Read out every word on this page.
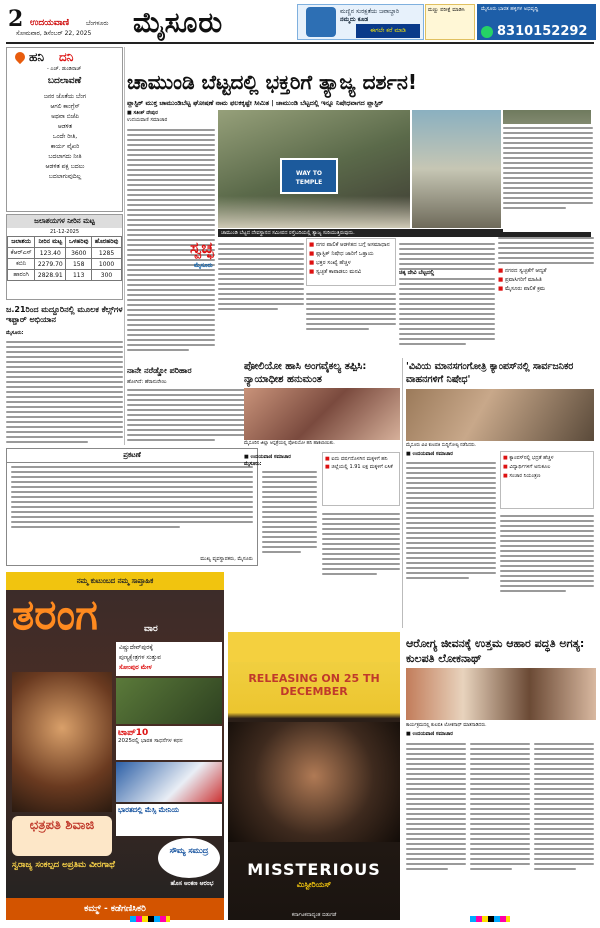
2 ಉದಯವಾಣಿ	ಬೆಂಗಳೂರು
ಸೋಮವಾರ, ಡಿಸೆಂಬರ್ 22, 2025 ಮೈಸೂರು	ಮಣ್ಣಿನ ಸುರಕ್ಷತೆಯ ಜವಾಬ್ದಾರಿ
ನಮ್ಮದು ಕೂಡ
ಈಗಲೇ ಕರೆ ಮಾಡಿ
ಮಣ್ಣು ಪರೀಕ್ಷೆ ಮಾಡಿಸಿ	ಮೈಸೂರು ಭಾರತ ಹಳ್ಳಿಗಳ ಅಭಿವೃದ್ಧಿ
8310152292
ಹನಿ ದನಿ
- ಎಚ್. ಡುಂಡಿರಾಜ್
ಬದಲಾವಣೆ
ಜನರ ಜೊತೆಯ ಬೆಂಗ
ಆಗಲಿ ಕಾಂಗ್ರೆಸ್
ಅಥವಾ ಬಿಜೆಪಿ
ಆಡಳಿತ
ಒಂದೇ ರೀತಿ,
ಕಾರ್ಯ ವೈಖರಿ
ಬದಲಾಗದು ನೀತಿ
ಆಡಳಿತ ಪಕ್ಷ ಬದಲು
ಬದಲಾಗುವುದಿಲ್ಲ
ಜಲಾಶಯಗಳ ನೀರಿನ ಮಟ್ಟ
21-12-2025
ಜಲಾಶಯ	ನೀರಿನ ಮಟ್ಟ	ಒಳಹರಿವು	ಹೊರಹರಿವು
ಕೆಆರ್‌ಎಸ್	123.40	3600	1285
ಕಬಿನಿ	2279.70	158	1000
ಹಾರಂಗಿ	2828.91	113	300
ಜ.21ರಿಂದ ಮದ್ದೂರಿನಲ್ಲಿ ಮೂಲಕ ಕೆಲ್ಸ್‌ಗಳ ಇಫ್ತಾರ್ ಅಭಿಯಾನ
ಮೈಸೂರು:
ಪ್ರಕಟಣೆ
ಮುಖ್ಯ ವ್ಯವಸ್ಥಾಪಕರು, ಮೈಸೂರು
ಚಾಮುಂಡಿ ಬೆಟ್ಟದಲ್ಲಿ ಭಕ್ತರಿಗೆ ತ್ಯಾಜ್ಯ ದರ್ಶನ!
ಪ್ಲಾಸ್ಟಿಕ್ ಮುಕ್ತ ಚಾಮುಂಡಿಬೆಟ್ಟ ಘೋಷಣೆ ನಾಮ ಫಲಕಕ್ಕಷ್ಟೇ ಸೀಮಿತ | ಚಾಮುಂಡಿ ಬೆಟ್ಟದಲ್ಲಿ ಇನ್ನೂ ನಿಷೇಧವಾಗದ ಪ್ಲಾಸ್ಟಿಕ್
■ ಸತೀಶ್ ದೇಪುರ
ಉದಯವಾಣಿ ಸಮಾಚಾರ
WAY TO TEMPLE
ಚಾಮುಂಡಿ ಬೆಟ್ಟದ ದೇವಸ್ಥಾನದ ಸಮೀಪದ ರಸ್ತೆಬದಿಯಲ್ಲಿ ತ್ಯಾಜ್ಯ ಸುರಿಯುತ್ತಿರುವುದು.
ಸ್ವಚ್ಛ
ಮೈಸೂರು
■ ನಗರ ಪಾಲಿಕೆ ಆಡಳಿತದ ಬಗ್ಗೆ ಅಸಮಾಧಾನ
■ ಪ್ಲಾಸ್ಟಿಕ್ ನಿಷೇಧ ಜಾರಿಗೆ ಒತ್ತಾಯ
■ ಭಕ್ತರ ಸಂಖ್ಯೆ ಹೆಚ್ಚಳ
■ ಸ್ವಚ್ಛತೆ ಕಾಪಾಡಲು ಮನವಿ	ಚಿಕ್ಕ ದೇವಿ ಬೆಟ್ಟದಲ್ಲಿ	■ ನಗರದ ಸ್ವಚ್ಛತೆಗೆ ಆದ್ಯತೆ
■ ಪ್ರವಾಸಿಗರಿಗೆ ಮಾಹಿತಿ
■ ಮೈಸೂರು ಪಾಲಿಕೆ ಕ್ರಮ
ನಾನೇ ನರೆಡ್ಡೋ ಪರಿಹಾರ
ಹೋಗಿದೆ: ಹೆರಾನುರೇಣು
ಪೋಲಿಯೋ ಹಾಸಿ ಅಂಗವೈಕಲ್ಯ ತಪ್ಪಿಸಿ: ನ್ಯಾಯಾಧೀಶ ಹನುಮಂತ
ಮೈಸೂರಿನ ಜಿಲ್ಲಾ ಆಸ್ಪತ್ರೆಯಲ್ಲಿ ಪೋಲಿಯೋ ಹನಿ ಹಾಕಲಾಯಿತು.
■ ಉದಯವಾಣಿ ಸಮಾಚಾರ
ಮೈಸೂರು:
■ ಐದು ವರ್ಷದೊಳಗಿನ ಮಕ್ಕಳಿಗೆ ಹನಿ
■ ಜಿಲ್ಲೆಯಲ್ಲಿ 1.91 ಲಕ್ಷ ಮಕ್ಕಳಿಗೆ ಲಸಿಕೆ
'ವಿವಿಯ ಮಾನಸಗಂಗೋತ್ರಿ ಕ್ಯಾಂಪಸ್‌ನಲ್ಲಿ ಸಾರ್ವಜನಿಕರ ವಾಹನಗಳಿಗೆ ನಿಷೇಧ'
ಮೈಸೂರು ವಿವಿ ಕುಲಪತಿ ಸುದ್ದಿಗೋಷ್ಠಿ ನಡೆಸಿದರು.
■ ಉದಯವಾಣಿ ಸಮಾಚಾರ
■ ಕ್ಯಾಂಪಸ್‌ನಲ್ಲಿ ಭದ್ರತೆ ಹೆಚ್ಚಳ
■ ವಿದ್ಯಾರ್ಥಿಗಳಿಗೆ ಅನುಕೂಲ
■ ಸಂಚಾರ ನಿಯಂತ್ರಣ
ನಮ್ಮ ಕುಟುಂಬದ ನಮ್ಮ ಸಾಪ್ತಾಹಿಕ
ತರಂಗ	ವಾರ
ವಿಷ್ಣುದೇವ್‌ಪುರಕ್ಕೆ
ಪುಣ್ಯಕ್ಷೇತ್ರಗಳ ಸುತ್ತುವ
ಸೋಂಪುರ ಮೇಳ
ಟಾಪ್10
2025ರಲ್ಲಿ ಭಾರತ ಸಾಧನೆಗಳ ಕಥನ
ಭಾರತದಲ್ಲಿ ಮೆಸ್ಸಿ ಮೇನಿಯ
ಛತ್ರಪತಿ ಶಿವಾಜಿ
ಸ್ವರಾಜ್ಯ ಸಂಕಲ್ಪದ ಅಪ್ರತಿಮ ವೀರಗಾಥೆ
ಸೌಮ್ಯ ಸಮುದ್ರ
ಹೊಸ ಅಂಕಣ ಆರಂಭ
ಕಮ್ಮ್ - ಕಡೆಗಣಿಸಿಕರಿ
RELEASING ON 25 TH DECEMBER
MISSTERIOUS
ಮಿಸ್ಟೀರಿಯಸ್
ಕರ್ನಾಟಕದಾದ್ಯಂತ ಬಿಡುಗಡೆ
ಆರೋಗ್ಯ ಜೀವನಕ್ಕೆ ಉತ್ತಮ ಆಹಾರ ಪದ್ಧತಿ ಅಗತ್ಯ: ಕುಲಪತಿ ಲೋಕನಾಥ್
ಕಾರ್ಯಕ್ರಮದಲ್ಲಿ ಕುಲಪತಿ ಲೋಕನಾಥ್ ಮಾತನಾಡಿದರು.
■ ಉದಯವಾಣಿ ಸಮಾಚಾರ
